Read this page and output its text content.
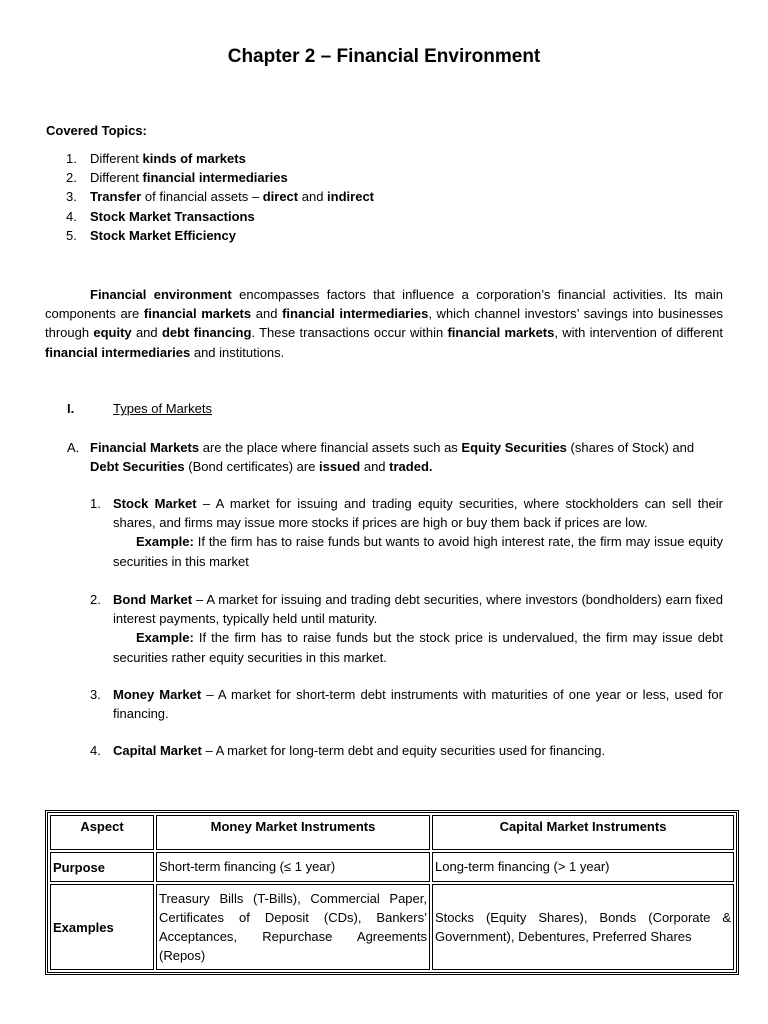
Chapter 2 – Financial Environment

Covered Topics:

1. Different kinds of markets
2. Different financial intermediaries
3. Transfer of financial assets – direct and indirect
4. Stock Market Transactions
5. Stock Market Efficiency

Financial environment encompasses factors that influence a corporation’s financial activities. Its main components are financial markets and financial intermediaries, which channel investors’ savings into businesses through equity and debt financing. These transactions occur within financial markets, with intervention of different financial intermediaries and institutions.

I.	Types of Markets

A. Financial Markets are the place where financial assets such as Equity Securities (shares of Stock) and Debt Securities (Bond certificates) are issued and traded.
1. Stock Market – A market for issuing and trading equity securities, where stockholders can sell their shares, and firms may issue more stocks if prices are high or buy them back if prices are low.
Example: If the firm has to raise funds but wants to avoid high interest rate, the firm may issue equity securities in this market
2. Bond Market – A market for issuing and trading debt securities, where investors (bondholders) earn fixed interest payments, typically held until maturity.
Example: If the firm has to raise funds but the stock price is undervalued, the firm may issue debt securities rather equity securities in this market.
3. Money Market – A market for short-term debt instruments with maturities of one year or less, used for financing.
4. Capital Market – A market for long-term debt and equity securities used for financing.
Aspect	Money Market Instruments	Capital Market Instruments
Purpose	Short-term financing (≤ 1 year)	Long-term financing (> 1 year)
Examples	Treasury Bills (T-Bills), Commercial Paper, Certificates of Deposit (CDs), Bankers’ Acceptances, Repurchase Agreements (Repos)	Stocks (Equity Shares), Bonds (Corporate & Government), Debentures, Preferred Shares
